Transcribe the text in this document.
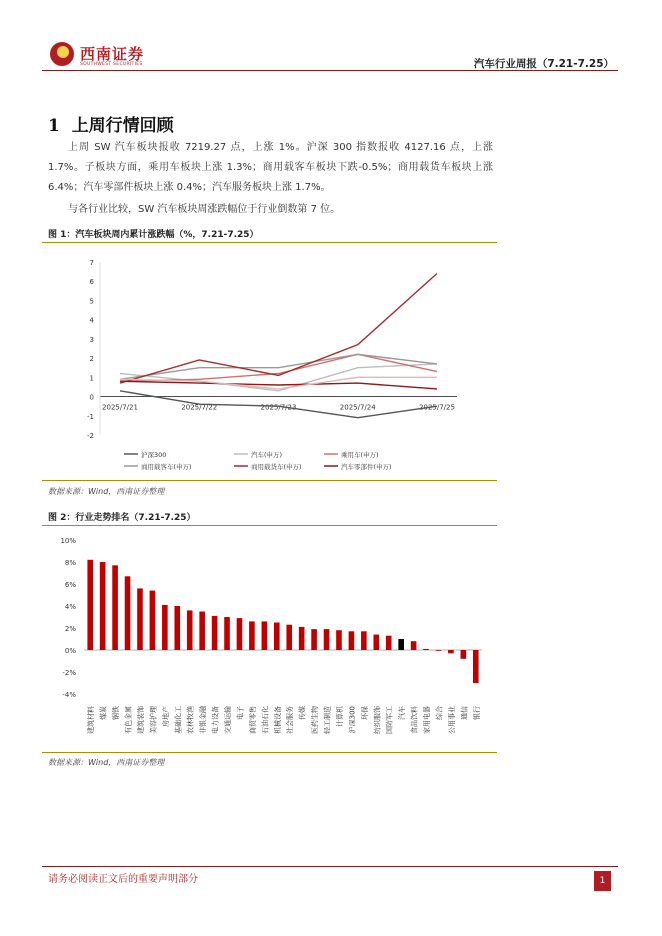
西南证券
SOUTHWEST SECURITIES	汽车行业周报（7.21-7.25）
1 上周行情回顾
上周 SW 汽车板块报收 7219.27 点，上涨 1%。沪深 300 指数报收 4127.16 点，上涨 1.7%。子板块方面，乘用车板块上涨 1.3%；商用载客车板块下跌-0.5%；商用载货车板块上涨 6.4%；汽车零部件板块上涨 0.4%；汽车服务板块上涨 1.7%。
与各行业比较，SW 汽车板块周涨跌幅位于行业倒数第 7 位。
图 1：汽车板块周内累计涨跌幅（%，7.21-7.25）
7
6
5
4
3
2
1
0
-1
-2
2025/7/21	2025/7/22	2025/7/23	2025/7/24	2025/7/25
沪深300	汽车(申万)	乘用车(申万)
商用载客车(申万)	商用载货车(申万)	汽车零部件(申万)
数据来源：Wind，西南证券整理
图 2：行业走势排名（7.21-7.25）
10%
8%
6%
4%
2%
0%
-2%
-4%
建筑材料 煤炭 钢铁 有色金属 建筑装饰 美容护理 房地产 基础化工 农林牧渔 非银金融 电力设备 交通运输 电子 商贸零售 石油石化 机械设备 社会服务 传媒 医药生物 轻工制造 计算机 沪深300 环保 纺织服饰 国防军工 汽车 食品饮料 家用电器 综合 公用事业 通信 银行
数据来源：Wind，西南证券整理
请务必阅读正文后的重要声明部分	1
